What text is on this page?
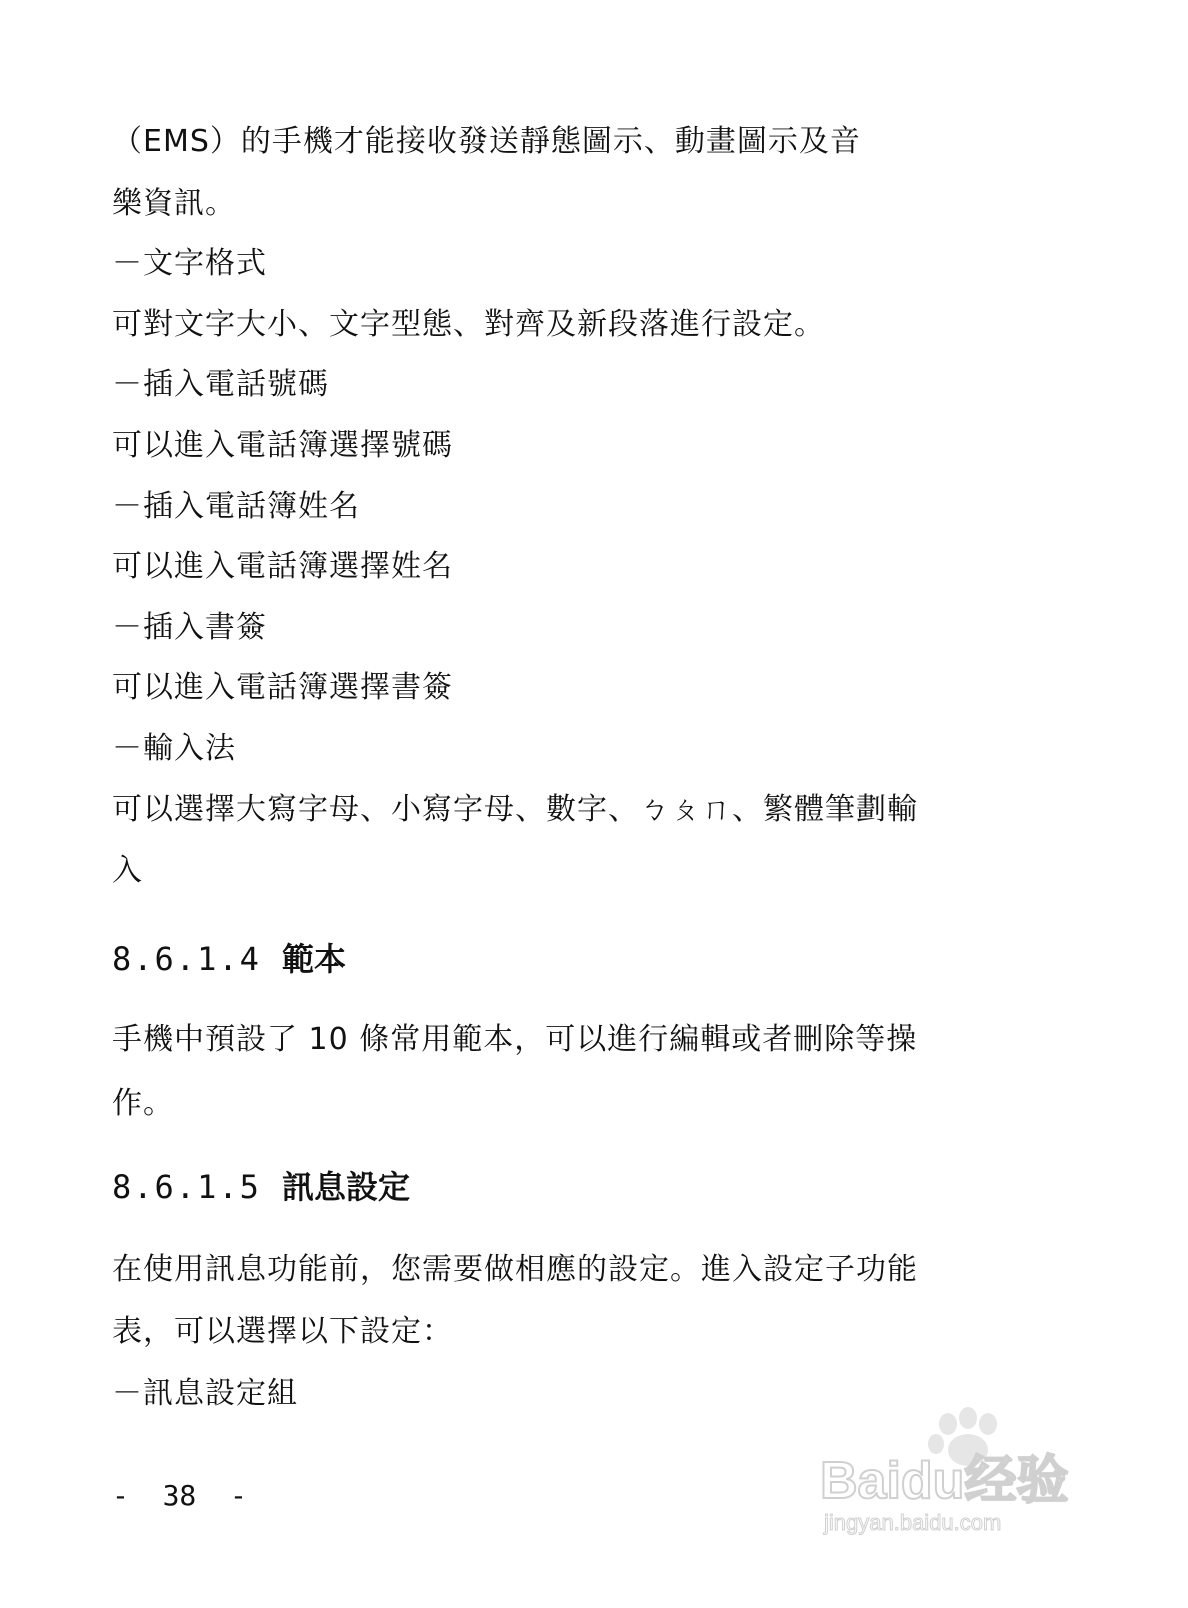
（EMS）的手機才能接收發送靜態圖示、動畫圖示及音
樂資訊。
－文字格式
可對文字大小、文字型態、對齊及新段落進行設定。
－插入電話號碼
可以進入電話簿選擇號碼
－插入電話簿姓名
可以進入電話簿選擇姓名
－插入書簽
可以進入電話簿選擇書簽
－輸入法
可以選擇大寫字母、小寫字母、數字、ㄅㄆㄇ、繁體筆劃輸
入
8.6.1.4 範本
手機中預設了 10 條常用範本，可以進行編輯或者刪除等操
作。
8.6.1.5 訊息設定
在使用訊息功能前，您需要做相應的設定。進入設定子功能
表，可以選擇以下設定：
－訊息設定組
-  38  -	Baidu经验
jingyan.baidu.com
